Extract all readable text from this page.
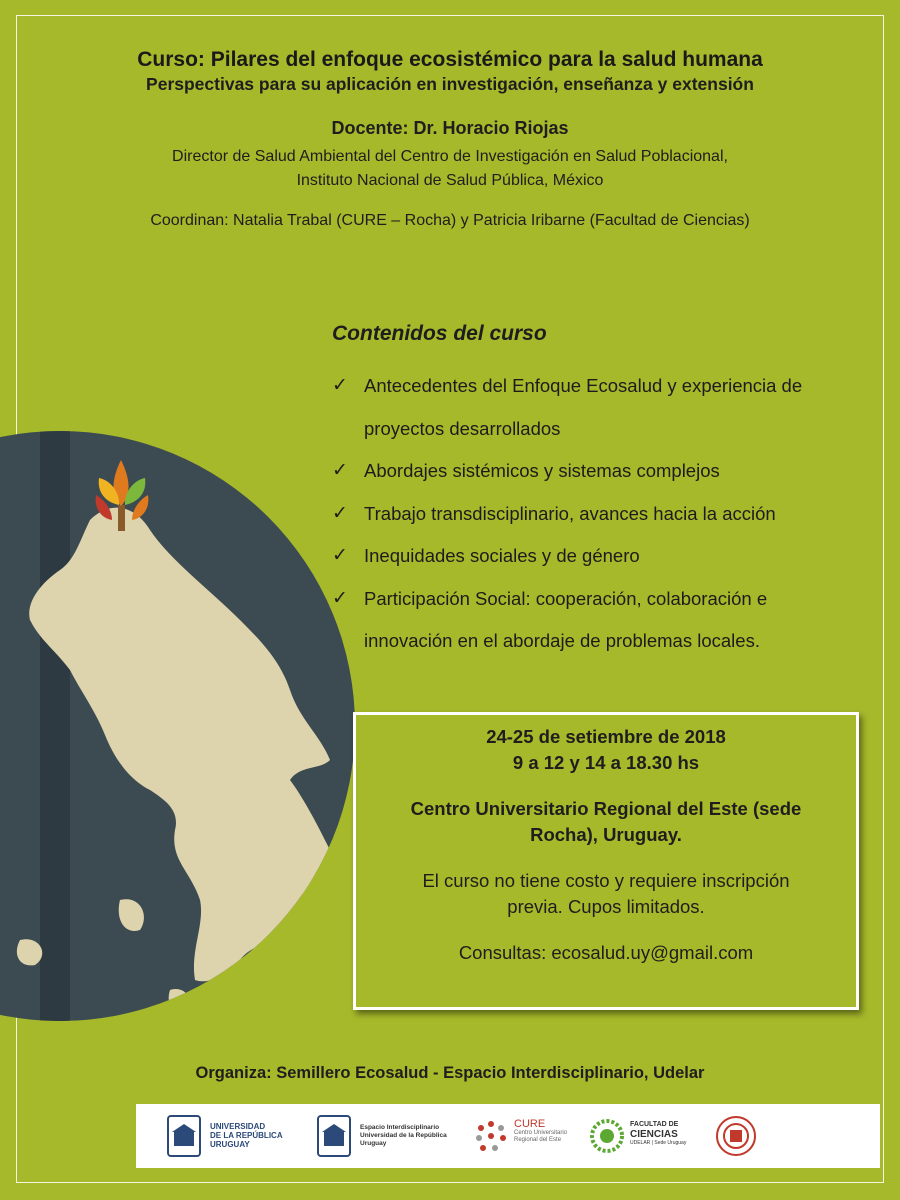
Curso: Pilares del enfoque ecosistémico para la salud humana
Perspectivas para su aplicación en investigación, enseñanza y extensión
Docente: Dr. Horacio Riojas
Director de Salud Ambiental del Centro de Investigación en Salud Poblacional,
Instituto Nacional de Salud Pública, México
Coordinan: Natalia Trabal (CURE – Rocha) y Patricia Iribarne (Facultad de Ciencias)
Contenidos del curso
✓ Antecedentes del Enfoque Ecosalud y experiencia de
proyectos desarrollados
✓ Abordajes sistémicos y sistemas complejos
✓ Trabajo transdisciplinario, avances hacia la acción
✓ Inequidades sociales y de género
✓ Participación Social: cooperación, colaboración e
innovación en el abordaje de problemas locales.
24-25 de setiembre de 2018
9 a 12 y 14 a 18.30 hs
Centro Universitario Regional del Este (sede
Rocha), Uruguay.
El curso no tiene costo y requiere inscripción
previa. Cupos limitados.
Consultas: ecosalud.uy@gmail.com
Organiza: Semillero Ecosalud - Espacio Interdisciplinario, Udelar
UNIVERSIDAD
DE LA REPÚBLICA
URUGUAY
Espacio Interdisciplinario
Universidad de la República
Uruguay
CURE
Centro Universitario
Regional del Este
FACULTAD DE
CIENCIAS
UDELAR | Sede Uruguay
